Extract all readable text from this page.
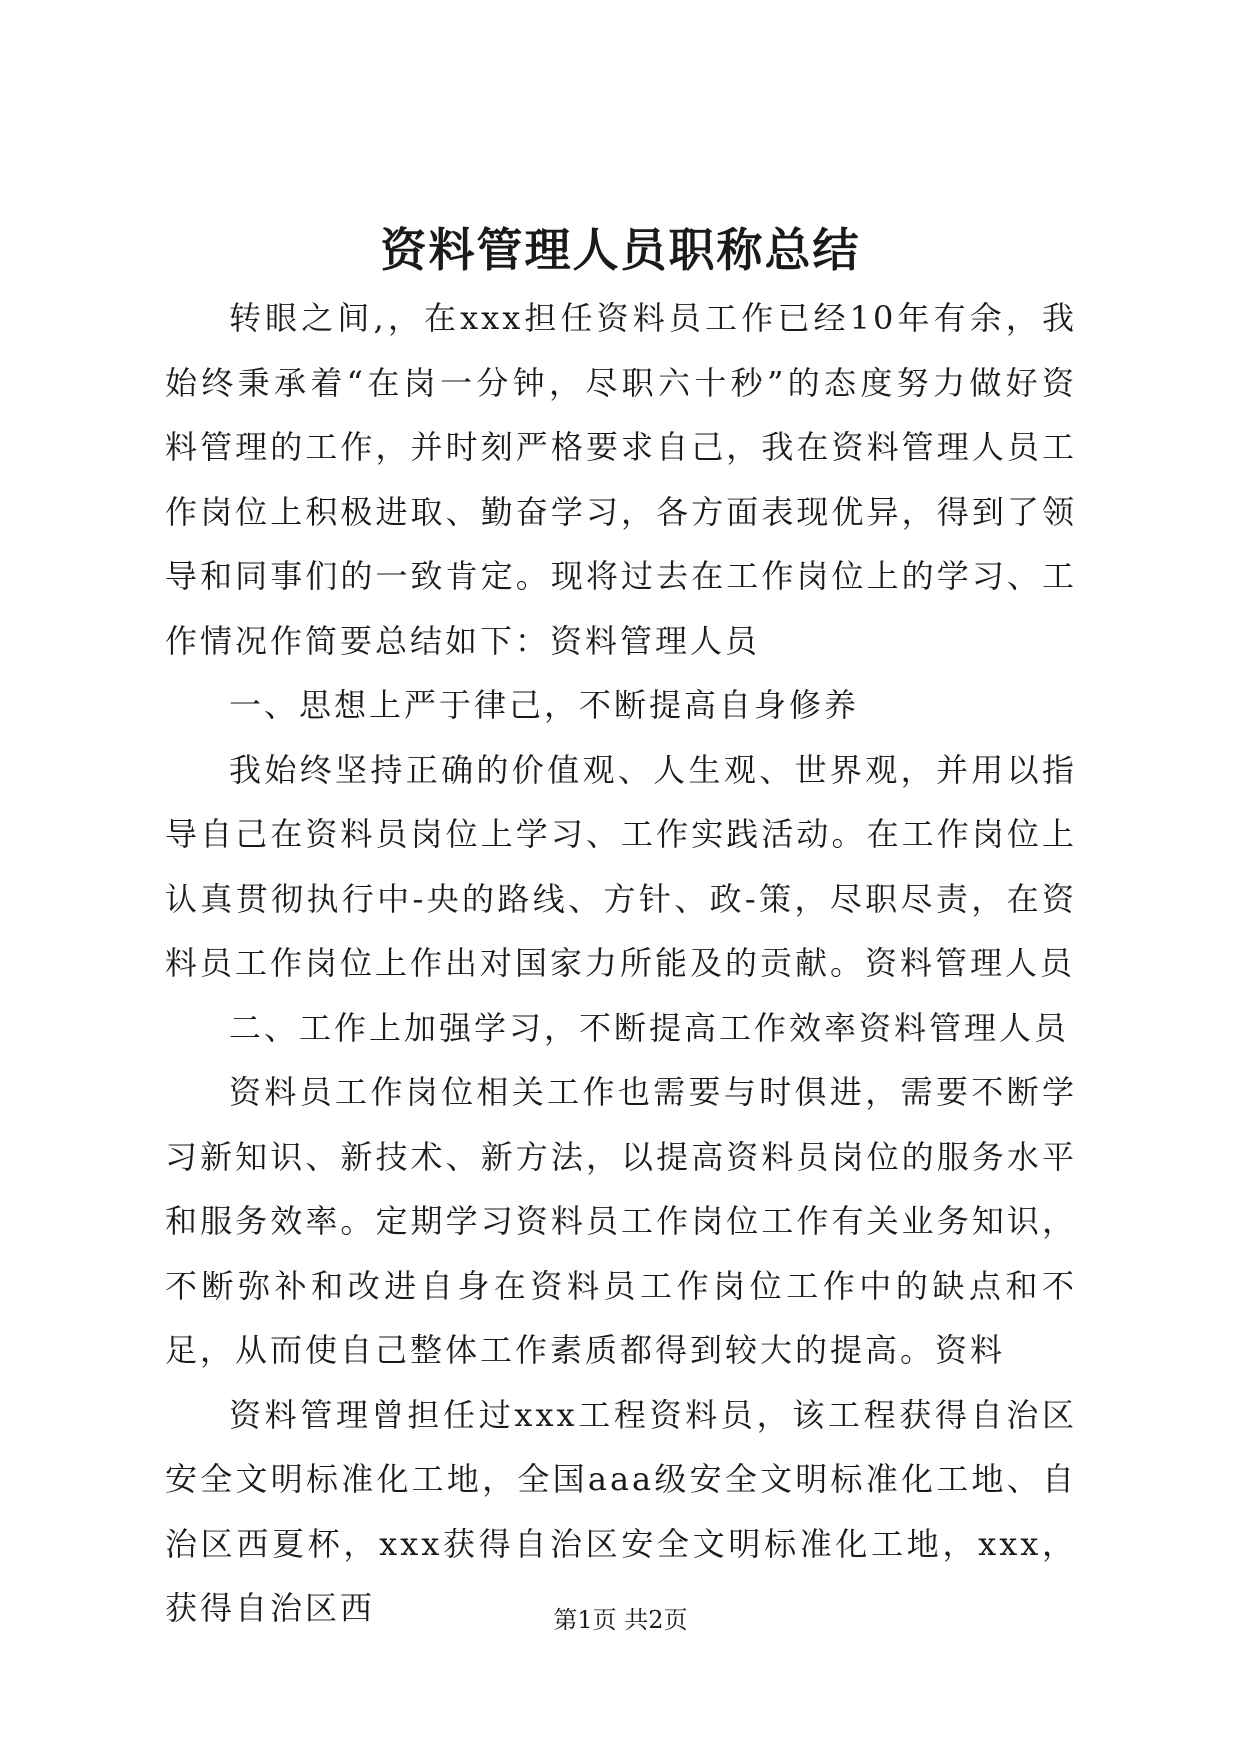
资料管理人员职称总结

转眼之间,，在xxx担任资料员工作已经10年有余，我始终秉承着“在岗一分钟，尽职六十秒”的态度努力做好资料管理的工作，并时刻严格要求自己，我在资料管理人员工作岗位上积极进取、勤奋学习，各方面表现优异，得到了领导和同事们的一致肯定。现将过去在工作岗位上的学习、工作情况作简要总结如下：资料管理人员

一、思想上严于律己，不断提高自身修养

我始终坚持正确的价值观、人生观、世界观，并用以指导自己在资料员岗位上学习、工作实践活动。在工作岗位上认真贯彻执行中-央的路线、方针、政-策，尽职尽责，在资料员工作岗位上作出对国家力所能及的贡献。资料管理人员

二、工作上加强学习，不断提高工作效率资料管理人员

资料员工作岗位相关工作也需要与时俱进，需要不断学习新知识、新技术、新方法，以提高资料员岗位的服务水平和服务效率。定期学习资料员工作岗位工作有关业务知识，不断弥补和改进自身在资料员工作岗位工作中的缺点和不足，从而使自己整体工作素质都得到较大的提高。资料

资料管理曾担任过xxx工程资料员，该工程获得自治区安全文明标准化工地，全国aaa级安全文明标准化工地、自治区西夏杯，xxx获得自治区安全文明标准化工地，xxx，获得自治区西	第1页 共2页
